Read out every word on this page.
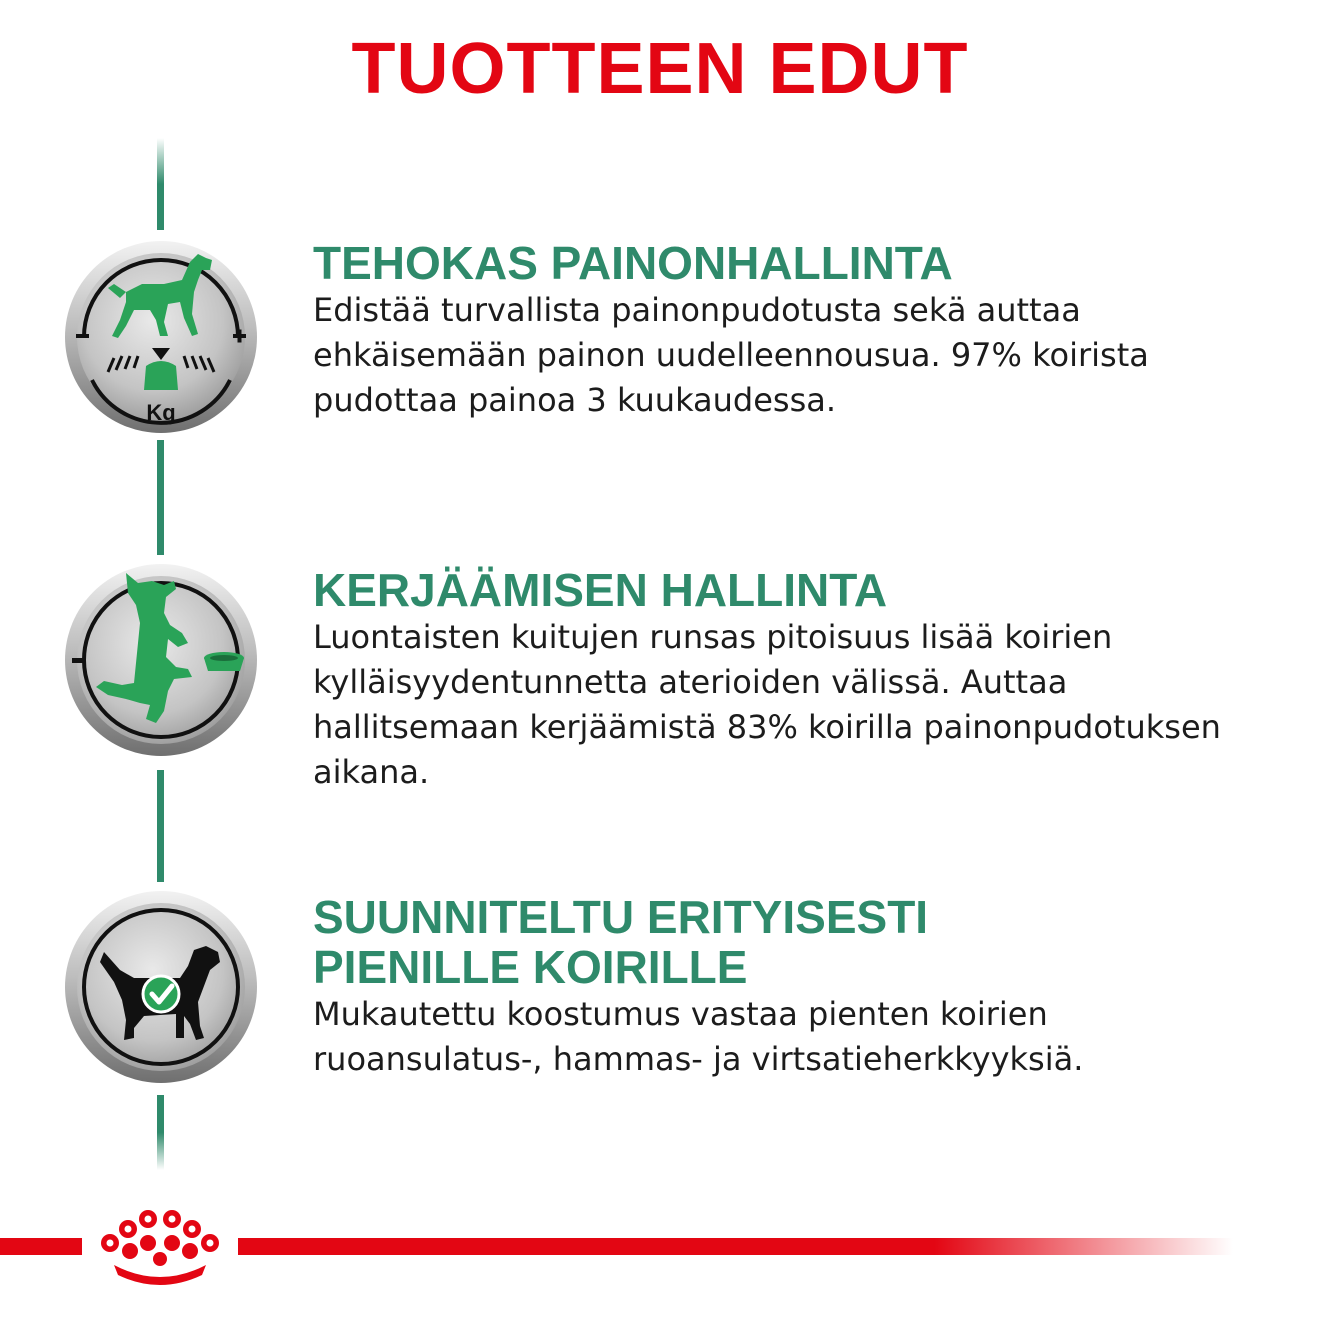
TUOTTEEN EDUT
Kg
TEHOKAS PAINONHALLINTA

Edistää turvallista painonpudotusta sekä auttaa ehkäisemään painon uudelleennousua. 97% koirista pudottaa painoa 3 kuukaudessa.

KERJÄÄMISEN HALLINTA

Luontaisten kuitujen runsas pitoisuus lisää koirien kylläisyydentunnetta aterioiden välissä. Auttaa hallitsemaan kerjäämistä 83% koirilla painonpudotuksen aikana.

SUUNNITELTU ERITYISESTI
PIENILLE KOIRILLE

Mukautettu koostumus vastaa pienten koirien ruoansulatus-, hammas- ja virtsatieherkkyyksiä.
